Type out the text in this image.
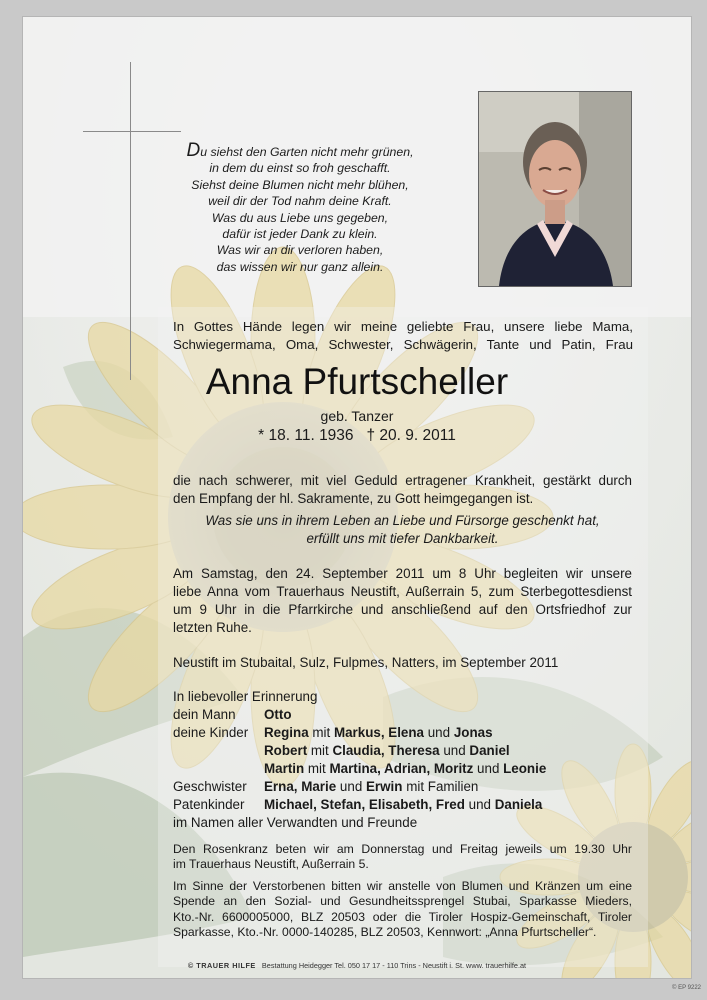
Du siehst den Garten nicht mehr grünen,
in dem du einst so froh geschafft.
Siehst deine Blumen nicht mehr blühen,
weil dir der Tod nahm deine Kraft.
Was du aus Liebe uns gegeben,
dafür ist jeder Dank zu klein.
Was wir an dir verloren haben,
das wissen wir nur ganz allein.
In Gottes Hände legen wir meine geliebte Frau, unsere liebe Mama,
Schwiegermama, Oma, Schwester, Schwägerin, Tante und Patin, Frau
Anna Pfurtscheller
geb. Tanzer
* 18. 11. 1936   † 20. 9. 2011
die nach schwerer, mit viel Geduld ertragener Krankheit, gestärkt durch
den Empfang der hl. Sakramente, zu Gott heimgegangen ist.
Was sie uns in ihrem Leben an Liebe und Fürsorge geschenkt hat,
erfüllt uns mit tiefer Dankbarkeit.
Am Samstag, den 24. September 2011 um 8 Uhr begleiten wir unsere
liebe Anna vom Trauerhaus Neustift, Außerrain 5, zum Sterbegottesdienst
um 9 Uhr in die Pfarrkirche und anschließend auf den Ortsfriedhof zur
letzten Ruhe.
Neustift im Stubaital, Sulz, Fulpmes, Natters, im September 2011
In liebevoller Erinnerung
dein Mann	Otto
deine Kinder	Regina mit Markus, Elena und Jonas
Robert mit Claudia, Theresa und Daniel
Martin mit Martina, Adrian, Moritz und Leonie
Geschwister	Erna, Marie und Erwin mit Familien
Patenkinder	Michael, Stefan, Elisabeth, Fred und Daniela
im Namen aller Verwandten und Freunde
Den Rosenkranz beten wir am Donnerstag und Freitag jeweils um 19.30 Uhr
im Trauerhaus Neustift, Außerrain 5.
Im Sinne der Verstorbenen bitten wir anstelle von Blumen und Kränzen um eine
Spende an den Sozial- und Gesundheitssprengel Stubai, Sparkasse Mieders,
Kto.-Nr. 6600005000, BLZ 20503 oder die Tiroler Hospiz-Gemeinschaft, Tiroler
Sparkasse, Kto.-Nr. 0000-140285, BLZ 20503, Kennwort: „Anna Pfurtscheller“.
© TRAUER HILFE Bestattung Heidegger Tel. 050 17 17 - 110 Trins - Neustift i. St. www. trauerhilfe.at
© EP 9222
